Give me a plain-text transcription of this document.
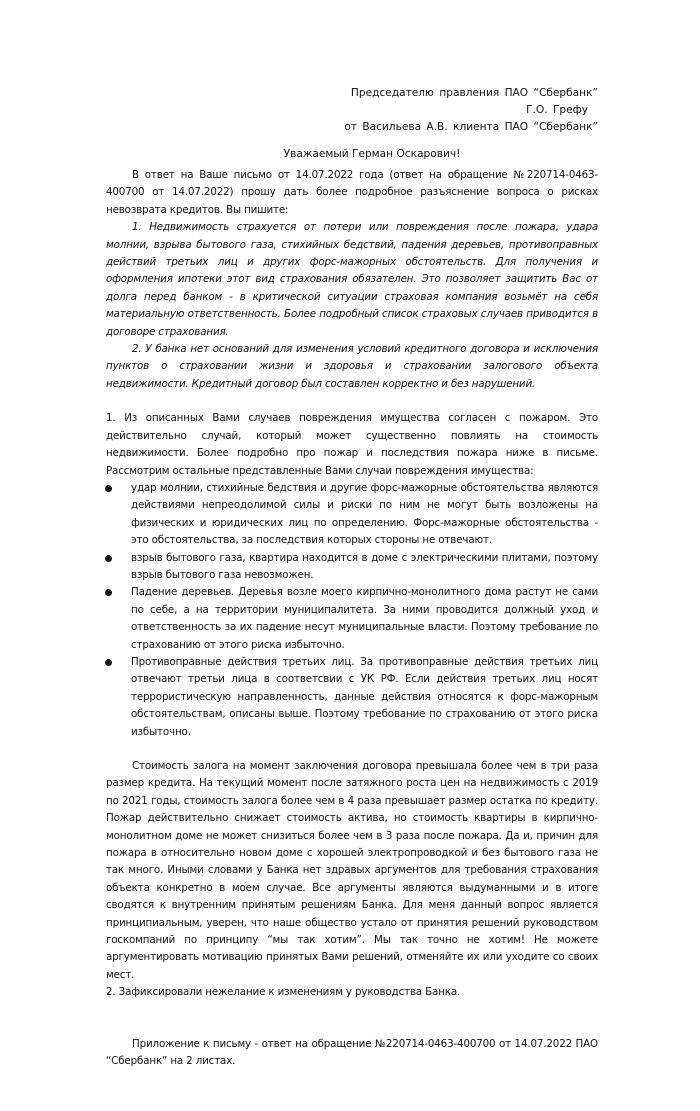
Председателю правления ПАО “Сбербанк”
Г.О. Грефу
от Васильева А.В. клиента ПАО “Сбербанк”
Уважаемый Герман Оскарович!

В ответ на Ваше письмо от 14.07.2022 года (ответ на обращение №220714-0463-400700 от 14.07.2022) прошу дать более подробное разъяснение вопроса о рисках невозврата кредитов. Вы пишите:

1. Недвижимость страхуется от потери или повреждения после пожара, удара молнии, взрыва бытового газа, стихийных бедствий, падения деревьев, противоправных действий третьих лиц и других форс-мажорных обстоятельств. Для получения и оформления ипотеки этот вид страхования обязателен. Это позволяет защитить Вас от долга перед банком - в критической ситуации страховая компания возьмёт на себя материальную ответственность. Более подробный список страховых случаев приводится в договоре страхования.

2. У банка нет оснований для изменения условий кредитного договора и исключения пунктов о страховании жизни и здоровья и страховании залогового объекта недвижимости. Кредитный договор был составлен корректно и без нарушений.

1. Из описанных Вами случаев повреждения имущества согласен с пожаром. Это действительно случай, который может существенно повлиять на стоимость недвижимости. Более подробно про пожар и последствия пожара ниже в письме. Рассмотрим остальные представленные Вами случаи повреждения имущества:

удар молнии, стихийные бедствия и другие форс-мажорные обстоятельства являются действиями непреодолимой силы и риски по ним не могут быть возложены на физических и юридических лиц по определению. Форс-мажорные обстоятельства - это обстоятельства, за последствия которых стороны не отвечают.
взрыв бытового газа, квартира находится в доме с электрическими плитами, поэтому взрыв бытового газа невозможен.
Падение деревьев. Деревья возле моего кирпично-монолитного дома растут не сами по себе, а на территории муниципалитета. За ними проводится должный уход и ответственность за их падение несут муниципальные власти. Поэтому требование по страхованию от этого риска избыточно.
Противоправные действия третьих лиц. За противоправные действия третьих лиц отвечают третьи лица в соответсвии с УК РФ. Если действия третьих лиц носят террористическую направленность, данные действия относятся к форс-мажорным обстоятельствам, описаны выше. Поэтому требование по страхованию от этого риска избыточно.

Стоимость залога на момент заключения договора превышала более чем в три раза размер кредита. На текущий момент после затяжного роста цен на недвижимость с 2019 по 2021 годы, стоимость залога более чем в 4 раза превышает размер остатка по кредиту. Пожар действительно снижает стоимость актива, но стоимость квартиры в кирпично-монолитном доме не может снизиться более чем в 3 раза после пожара. Да и, причин для пожара в относительно новом доме с хорошей электропроводкой и без бытового газа не так много. Иными словами у Банка нет здравых аргументов для требования страхования объекта конкретно в моем случае. Все аргументы являются выдуманными и в итоге сводятся к внутренним принятым решениям Банка. Для меня данный вопрос является принципиальным, уверен, что наше общество устало от принятия решений руководством госкомпаний по принципу “мы так хотим”. Мы так точно не хотим! Не можете аргументировать мотивацию принятых Вами решений, отменяйте их или уходите со своих мест.

2. Зафиксировали нежелание к изменениям у руководства Банка.

Приложение к письму - ответ на обращение №220714-0463-400700 от 14.07.2022 ПАО “Сбербанк” на 2 листах.
